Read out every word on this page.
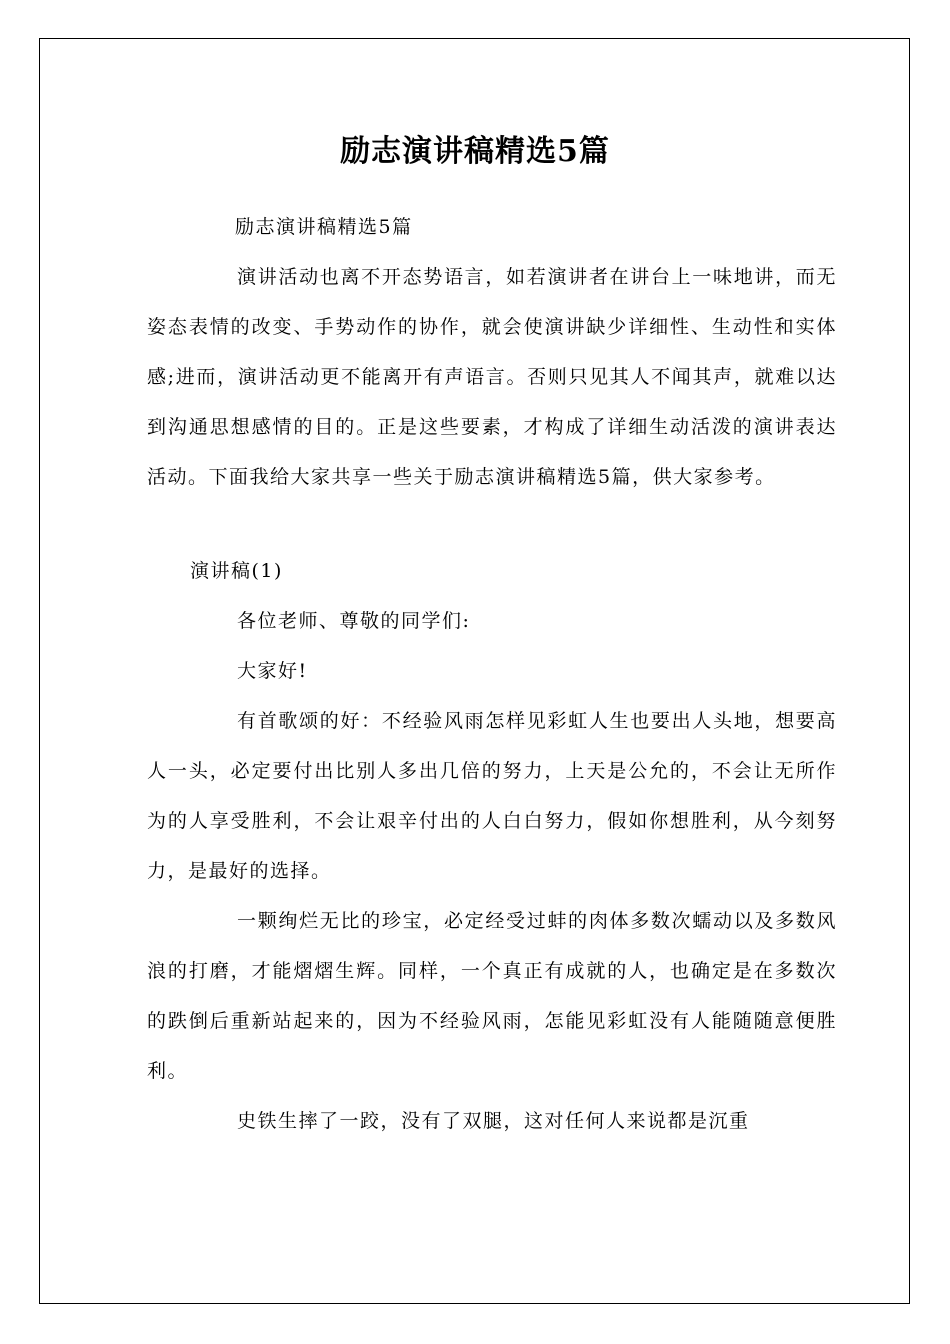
励志演讲稿精选5篇

励志演讲稿精选5篇

演讲活动也离不开态势语言，如若演讲者在讲台上一味地讲，而无姿态表情的改变、手势动作的协作，就会使演讲缺少详细性、生动性和实体感;进而，演讲活动更不能离开有声语言。否则只见其人不闻其声，就难以达到沟通思想感情的目的。正是这些要素，才构成了详细生动活泼的演讲表达活动。下面我给大家共享一些关于励志演讲稿精选5篇，供大家参考。

演讲稿(1)

各位老师、尊敬的同学们:

大家好!

有首歌颂的好：不经验风雨怎样见彩虹人生也要出人头地，想要高人一头，必定要付出比别人多出几倍的努力，上天是公允的，不会让无所作为的人享受胜利，不会让艰辛付出的人白白努力，假如你想胜利，从今刻努力，是最好的选择。

一颗绚烂无比的珍宝，必定经受过蚌的肉体多数次蠕动以及多数风浪的打磨，才能熠熠生辉。同样，一个真正有成就的人，也确定是在多数次的跌倒后重新站起来的，因为不经验风雨，怎能见彩虹没有人能随随意便胜利。

史铁生摔了一跤，没有了双腿，这对任何人来说都是沉重
